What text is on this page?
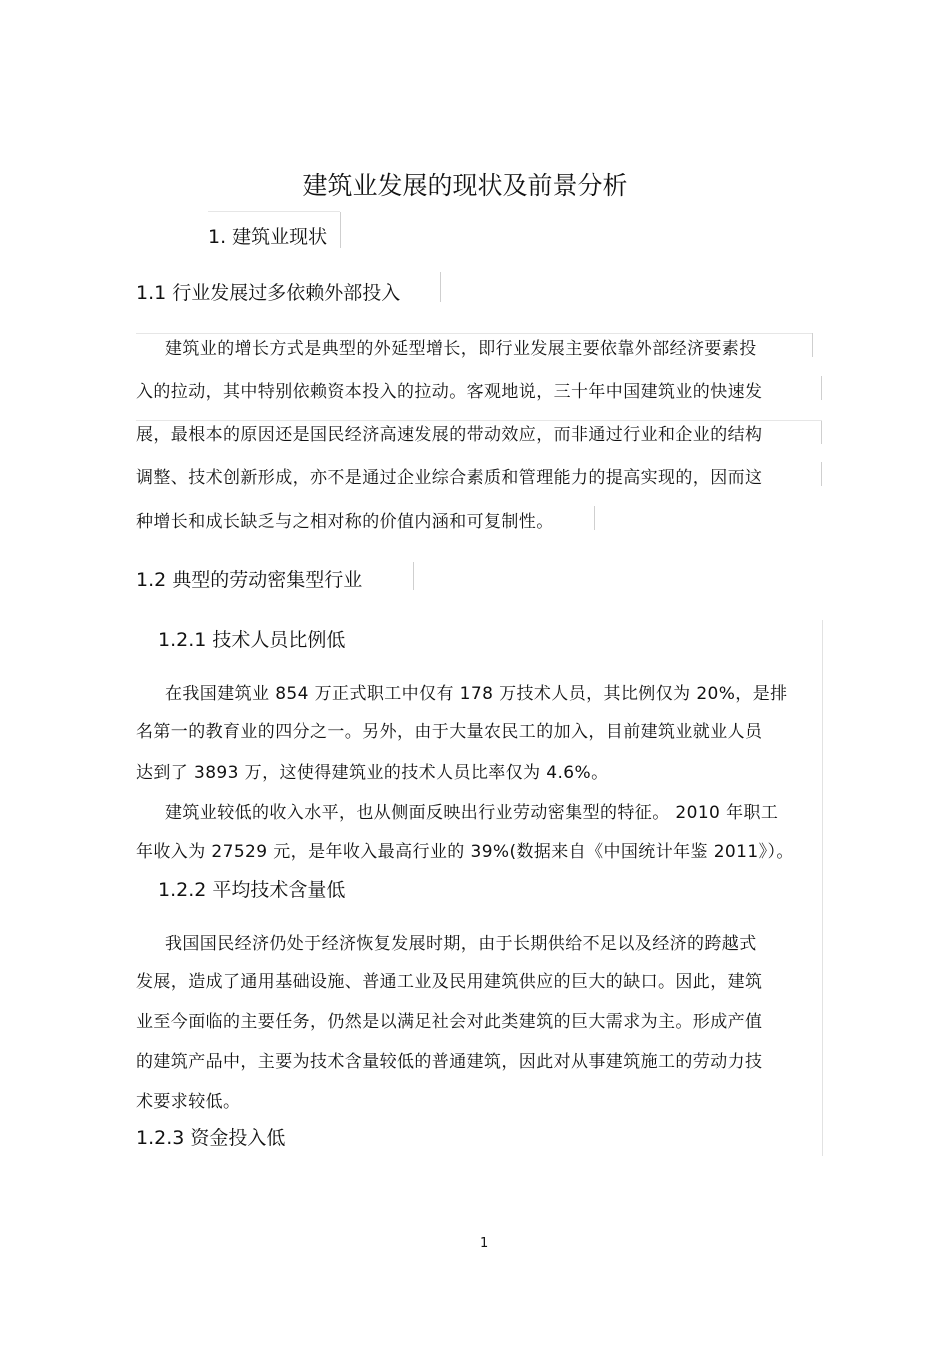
建筑业发展的现状及前景分析
1. 建筑业现状
1.1 行业发展过多依赖外部投入
建筑业的增长方式是典型的外延型增长，即行业发展主要依靠外部经济要素投
入的拉动，其中特别依赖资本投入的拉动。客观地说，三十年中国建筑业的快速发
展，最根本的原因还是国民经济高速发展的带动效应，而非通过行业和企业的结构
调整、技术创新形成，亦不是通过企业综合素质和管理能力的提高实现的，因而这
种增长和成长缺乏与之相对称的价值内涵和可复制性。
1.2 典型的劳动密集型行业
1.2.1 技术人员比例低
在我国建筑业 854 万正式职工中仅有 178 万技术人员，其比例仅为 20%，是排
名第一的教育业的四分之一。另外，由于大量农民工的加入，目前建筑业就业人员
达到了 3893 万，这使得建筑业的技术人员比率仅为 4.6%。
建筑业较低的收入水平，也从侧面反映出行业劳动密集型的特征。 2010 年职工
年收入为 27529 元，是年收入最高行业的 39%(数据来自《中国统计年鉴 2011》）。
1.2.2 平均技术含量低
我国国民经济仍处于经济恢复发展时期，由于长期供给不足以及经济的跨越式
发展，造成了通用基础设施、普通工业及民用建筑供应的巨大的缺口。因此，建筑
业至今面临的主要任务，仍然是以满足社会对此类建筑的巨大需求为主。形成产值
的建筑产品中，主要为技术含量较低的普通建筑，因此对从事建筑施工的劳动力技
术要求较低。
1.2.3 资金投入低
1
